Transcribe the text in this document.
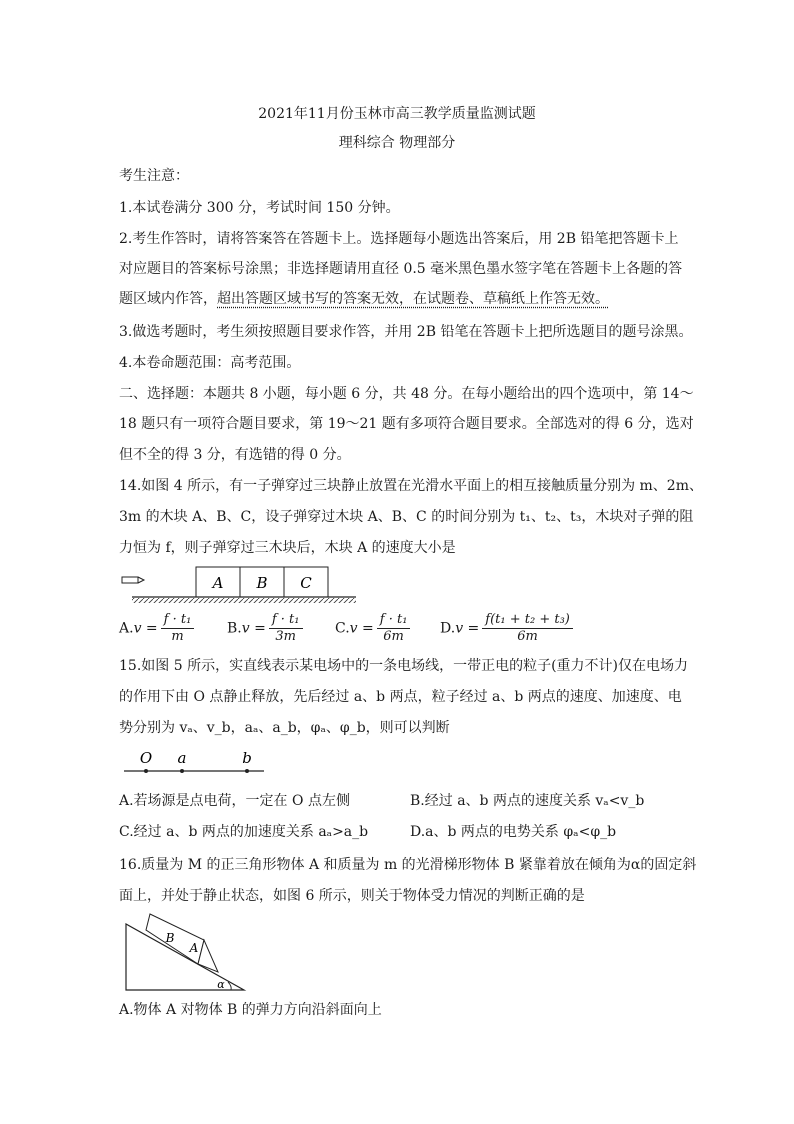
2021年11月份玉林市高三教学质量监测试题
理科综合 物理部分
考生注意：
1.本试卷满分 300 分，考试时间 150 分钟。
2.考生作答时，请将答案答在答题卡上。选择题每小题选出答案后，用 2B 铅笔把答题卡上
对应题目的答案标号涂黑；非选择题请用直径 0.5 毫米黑色墨水签字笔在答题卡上各题的答
题区域内作答，超出答题区域书写的答案无效，在试题卷、草稿纸上作答无效。
3.做选考题时，考生须按照题目要求作答，并用 2B 铅笔在答题卡上把所选题目的题号涂黑。
4.本卷命题范围：高考范围。
二、选择题：本题共 8 小题，每小题 6 分，共 48 分。在每小题给出的四个选项中，第 14～
18 题只有一项符合题目要求，第 19～21 题有多项符合题目要求。全部选对的得 6 分，选对
但不全的得 3 分，有选错的得 0 分。
14.如图 4 所示，有一子弹穿过三块静止放置在光滑水平面上的相互接触质量分别为 m、2m、
3m 的木块 A、B、C，设子弹穿过木块 A、B、C 的时间分别为 t₁、t₂、t₃，木块对子弹的阻
力恒为 f，则子弹穿过三木块后，木块 A 的速度大小是
A B C
$A.v = \frac{\text{f · t₁}}{m} B.v = \frac{\text{f · t₁}}{3m} C.v = \frac{\text{f · t₁}}{6m} D.v = \frac{\text{f(t₁ + t₂ + t₃)}}{6m}$
15.如图 5 所示，实直线表示某电场中的一条电场线，一带正电的粒子(重力不计)仅在电场力
的作用下由 O 点静止释放，先后经过 a、b 两点，粒子经过 a、b 两点的速度、加速度、电
势分别为 vₐ、v_b，aₐ、a_b，φₐ、φ_b，则可以判断
O a	b
A.若场源是点电荷，一定在 O 点左侧	B.经过 a、b 两点的速度关系 vₐ<v_b
C.经过 a、b 两点的加速度关系 aₐ>a_b	D.a、b 两点的电势关系 φₐ<φ_b
16.质量为 M 的正三角形物体 A 和质量为 m 的光滑梯形物体 B 紧靠着放在倾角为α的固定斜
面上，并处于静止状态，如图 6 所示，则关于物体受力情况的判断正确的是
B
A
α
A.物体 A 对物体 B 的弹力方向沿斜面向上
